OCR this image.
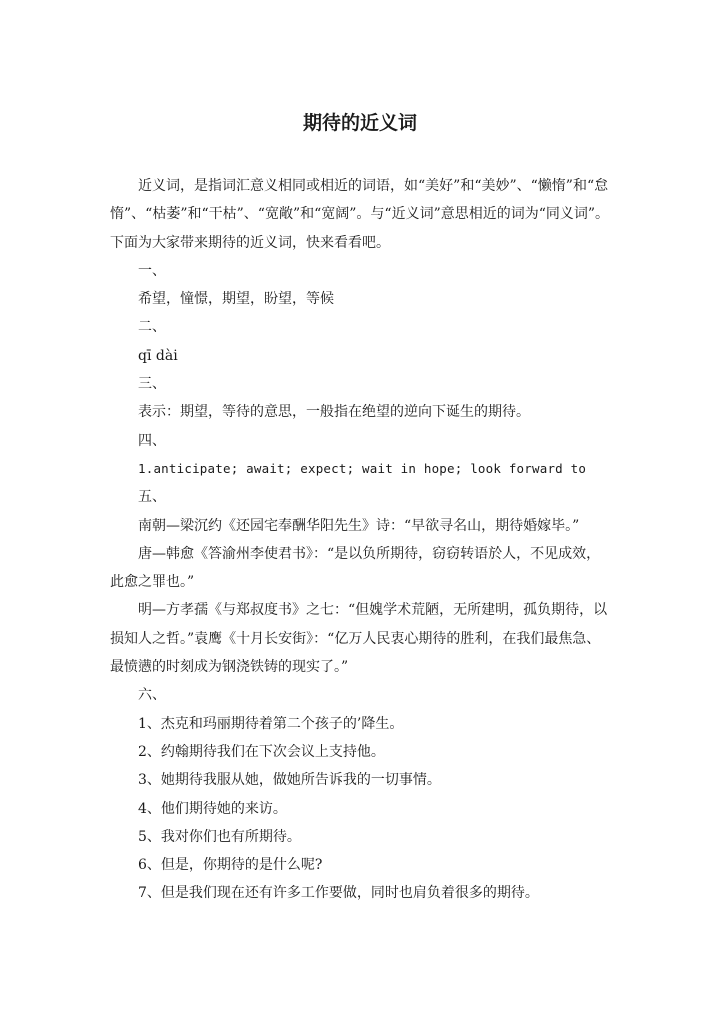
期待的近义词

近义词，是指词汇意义相同或相近的词语，如“美好”和“美妙”、“懒惰”和“怠惰”、“枯萎”和“干枯”、“宽敞”和“宽阔”。与“近义词”意思相近的词为“同义词”。下面为大家带来期待的近义词，快来看看吧。

一、

希望，憧憬，期望，盼望，等候

二、

qī dài

三、

表示：期望，等待的意思，一般指在绝望的逆向下诞生的期待。

四、

1.anticipate; await; expect; wait in hope; look forward to

五、

南朝—梁沉约《还园宅奉酬华阳先生》诗：“早欲寻名山，期待婚嫁毕。”

唐—韩愈《答渝州李使君书》：“是以负所期待，窃窃转语於人，不见成效，此愈之罪也。”

明—方孝孺《与郑叔度书》之七：“但媿学术荒陋，无所建明，孤负期待，以损知人之哲。”袁鹰《十月长安街》：“亿万人民衷心期待的胜利，在我们最焦急、最愤懑的时刻成为钢浇铁铸的现实了。”

六、

1、杰克和玛丽期待着第二个孩子的’降生。

2、约翰期待我们在下次会议上支持他。

3、她期待我服从她，做她所告诉我的一切事情。

4、他们期待她的来访。

5、我对你们也有所期待。

6、但是，你期待的是什么呢?

7、但是我们现在还有许多工作要做，同时也肩负着很多的期待。
